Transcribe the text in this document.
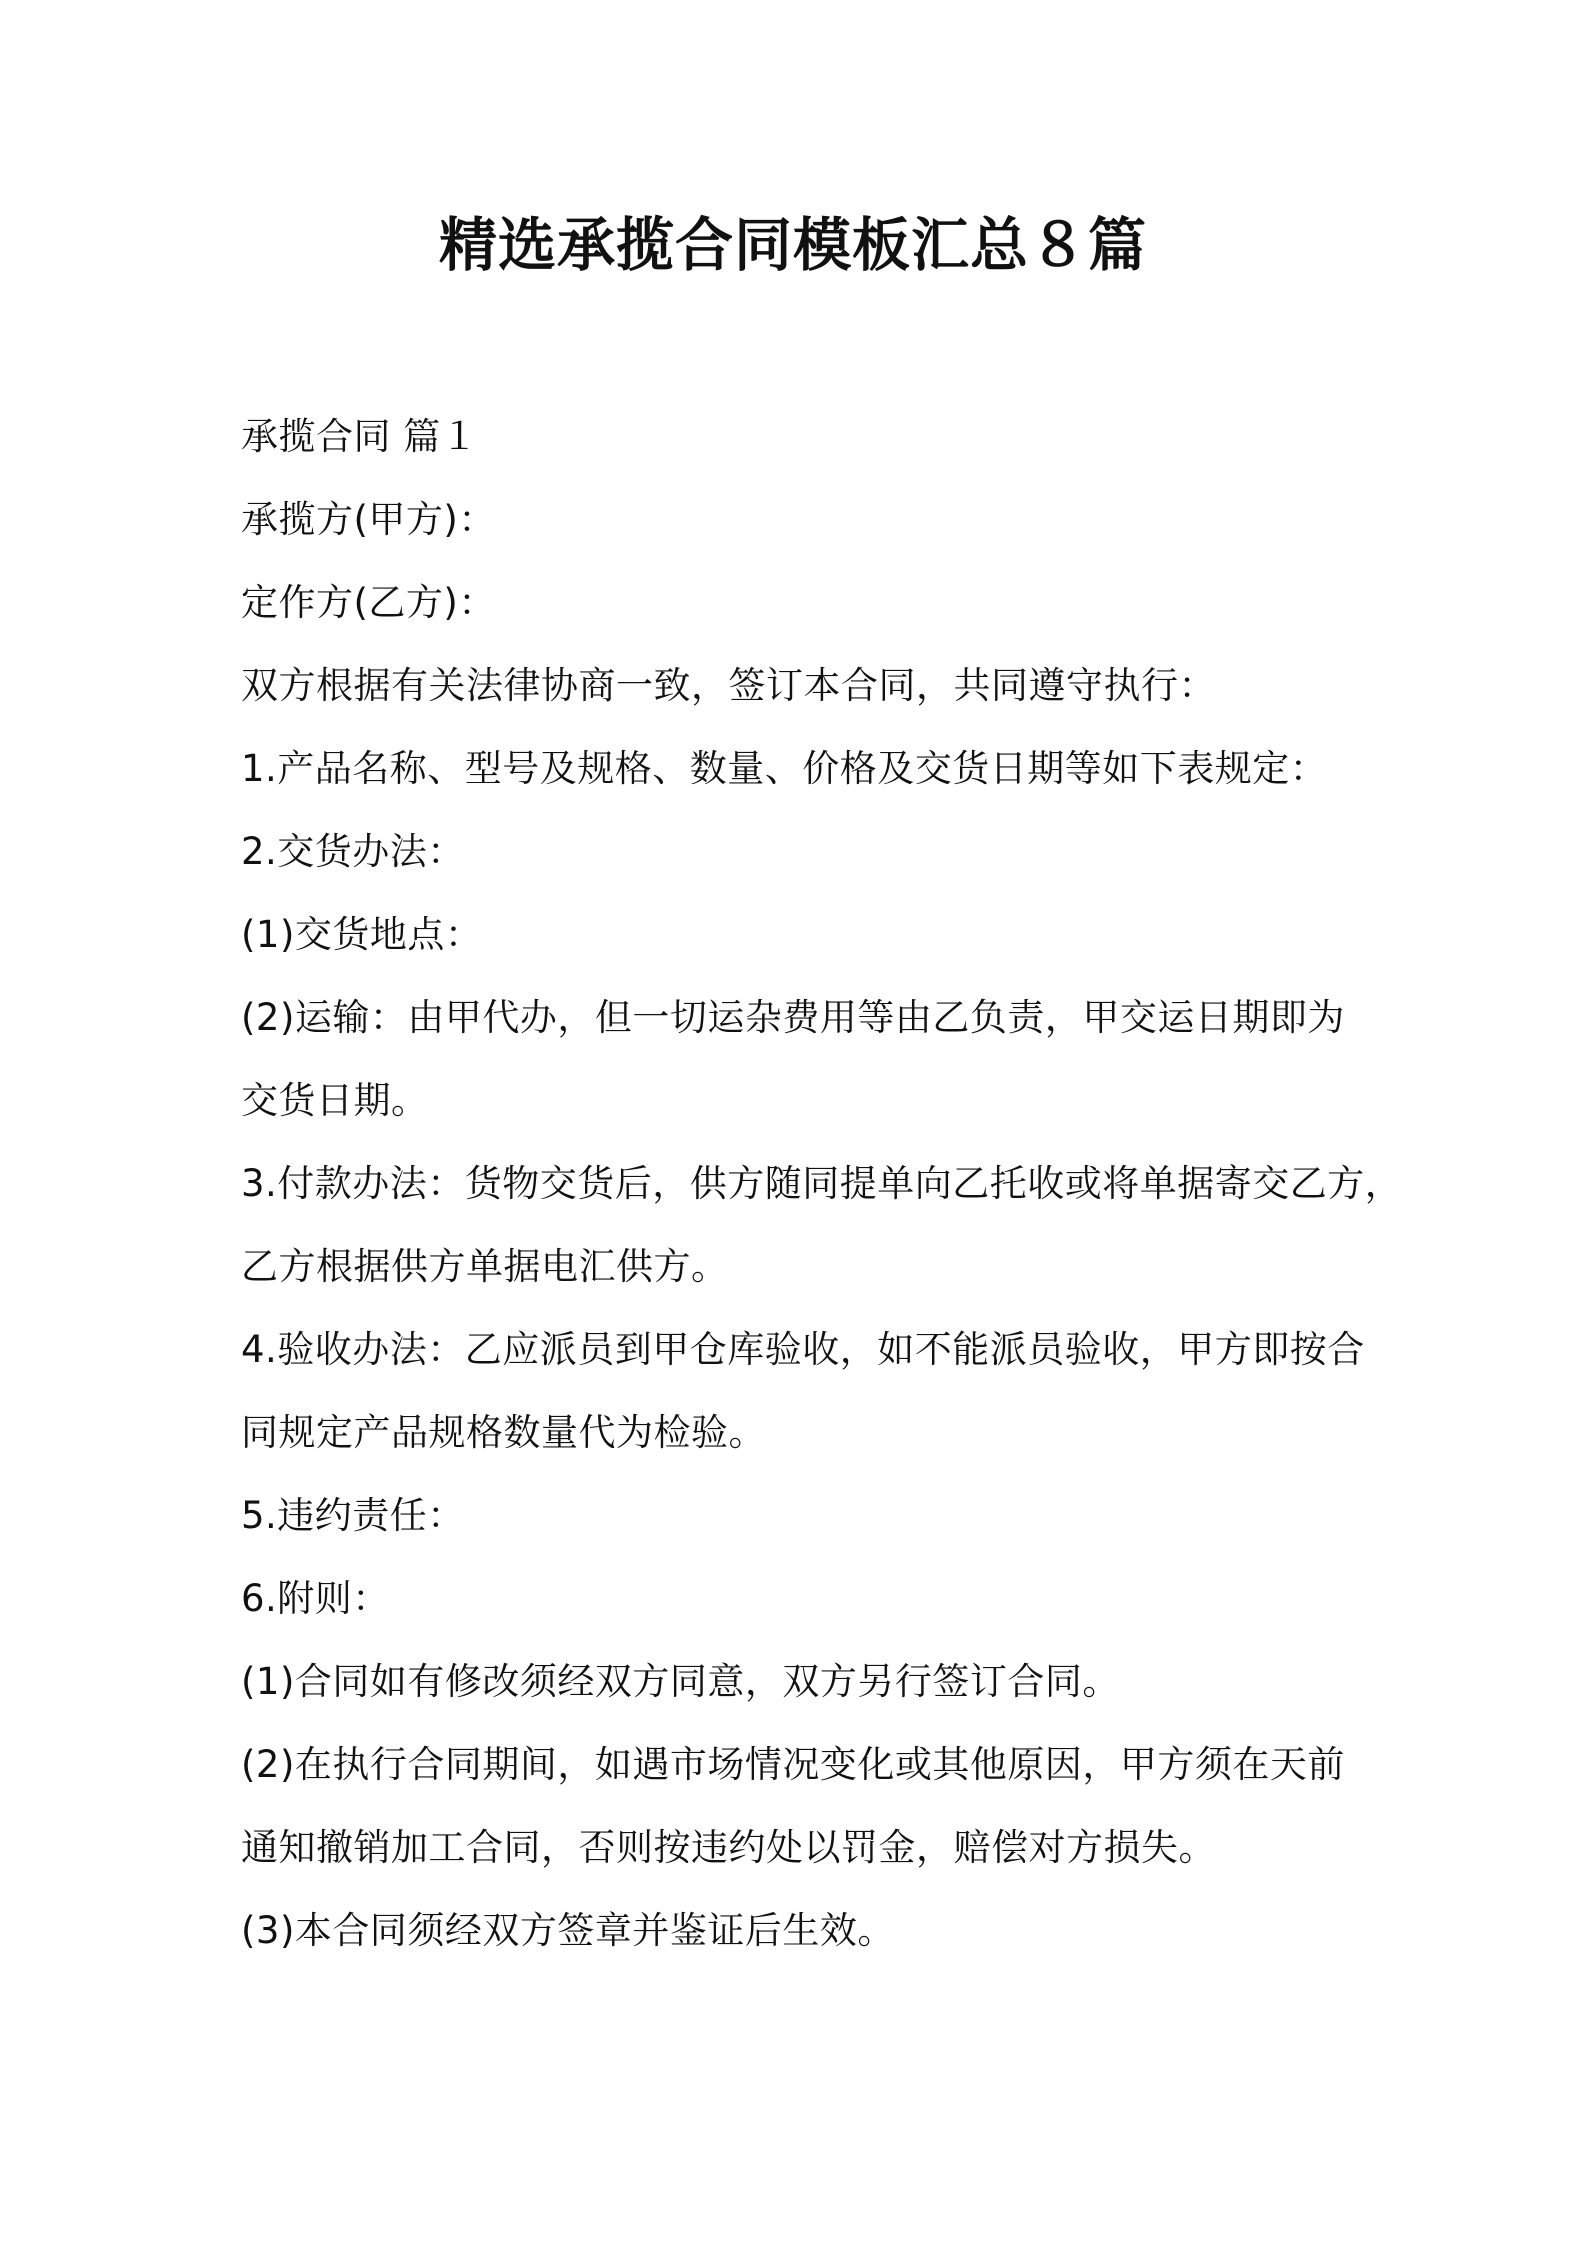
精选承揽合同模板汇总８篇
承揽合同 篇１
承揽方(甲方)：
定作方(乙方)：
双方根据有关法律协商一致，签订本合同，共同遵守执行：
1.产品名称、型号及规格、数量、价格及交货日期等如下表规定：
2.交货办法：
(1)交货地点：
(2)运输：由甲代办，但一切运杂费用等由乙负责，甲交运日期即为
交货日期。
3.付款办法：货物交货后，供方随同提单向乙托收或将单据寄交乙方，
乙方根据供方单据电汇供方。
4.验收办法：乙应派员到甲仓库验收，如不能派员验收，甲方即按合
同规定产品规格数量代为检验。
5.违约责任：
6.附则：
(1)合同如有修改须经双方同意，双方另行签订合同。
(2)在执行合同期间，如遇市场情况变化或其他原因，甲方须在天前
通知撤销加工合同，否则按违约处以罚金，赔偿对方损失。
(3)本合同须经双方签章并鉴证后生效。
